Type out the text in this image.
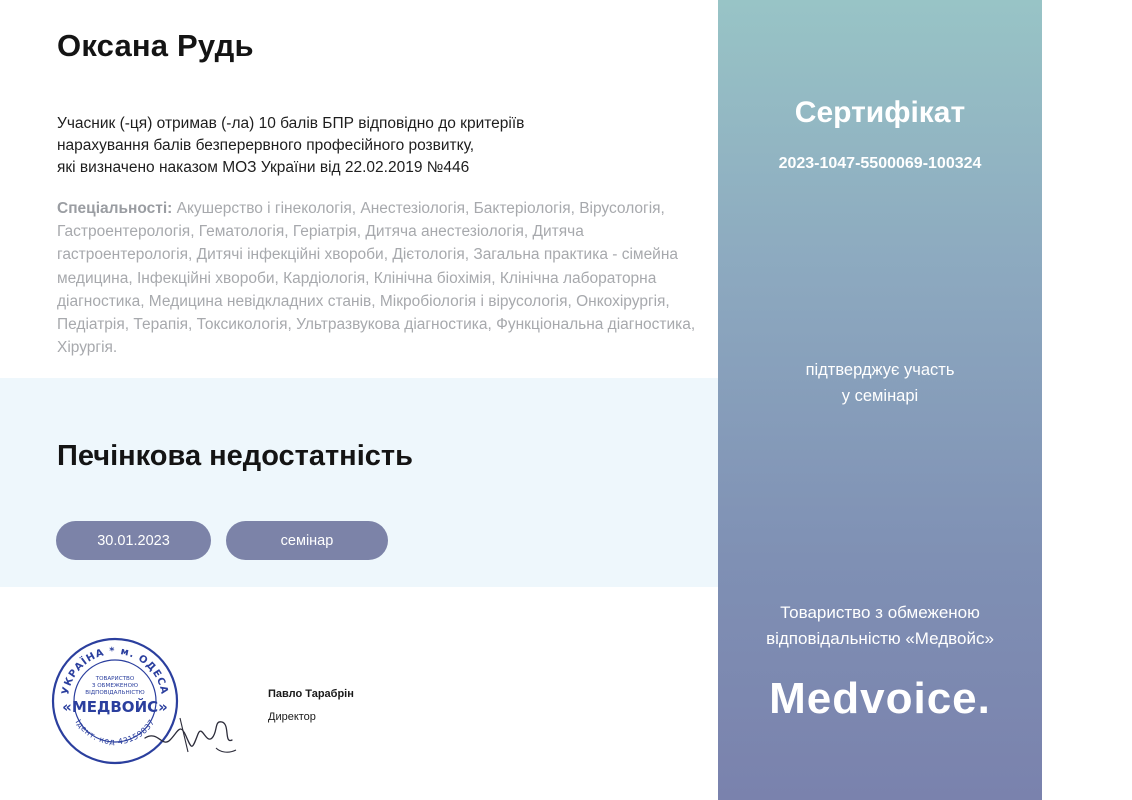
Оксана Рудь
Учасник (-ця) отримав (-ла) 10 балів БПР відповідно до критеріїв
нарахування балів безперервного професійного розвитку,
які визначено наказом МОЗ України від 22.02.2019 №446
Спеціальності: Акушерство і гінекологія, Анестезіологія, Бактеріологія, Вірусологія, Гастроентерологія, Гематологія, Геріатрія, Дитяча анестезіологія, Дитяча гастроентерологія, Дитячі інфекційні хвороби, Дієтологія, Загальна практика - сімейна медицина, Інфекційні хвороби, Кардіологія, Клінічна біохімія, Клінічна лабораторна діагностика, Медицина невідкладних станів, Мікробіологія і вірусологія, Онкохірургія, Педіатрія, Терапія, Токсикологія, Ультразвукова діагностика, Функціональна діагностика, Хірургія.
Печінкова недостатність
30.01.2023	семінар
УКРАЇНА * м. ОДЕСА
Ідент. код 43159837
ТОВАРИСТВО
З ОБМЕЖЕНОЮ
ВІДПОВІДАЛЬНІСТЮ
«МЕДВОЙС»
Павло Тарабрін
Директор
Сертифікат
2023-1047-5500069-100324
підтверджує участь
у семінарі
Товариство з обмеженою
відповідальністю «Медвойс»
Medvoice.
